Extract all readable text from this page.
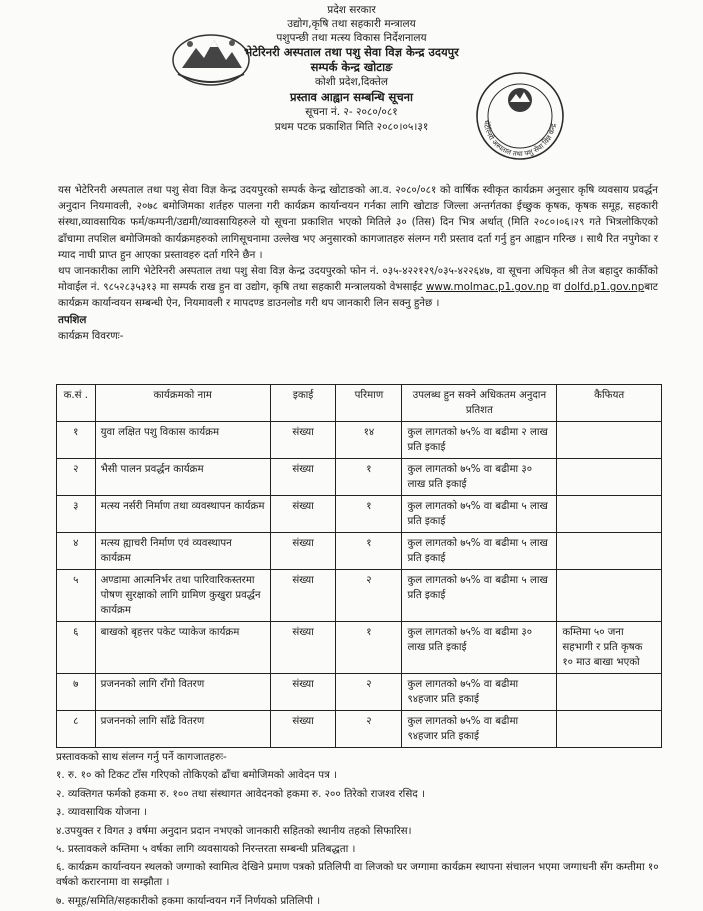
भेटेरिनरी अस्पताल तथा पशु सेवा विज्ञ केन्द्र
प्रदेश सरकार
उद्योग,कृषि तथा सहकारी मन्त्रालय
पशुपन्छी तथा मत्स्य विकास निर्देशनालय
भेटेरिनरी अस्पताल तथा पशु सेवा विज्ञ केन्द्र उदयपुर
सम्पर्क केन्द्र खोटाङ
कोशी प्रदेश,दिक्तेल
प्रस्ताव आह्वान सम्बन्धि सूचना
सूचना नं. २- २०८०/०८१
प्रथम पटक प्रकाशित मिति २०८०।०५।३१

यस भेटेरिनरी अस्पताल तथा पशु सेवा विज्ञ केन्द्र उदयपुरको सम्पर्क केन्द्र खोटाङको आ.व. २०८०/०८१ को वार्षिक स्वीकृत कार्यक्रम अनुसार कृषि व्यवसाय प्रवर्द्धन अनुदान नियमावली, २०७८ बमोजिमका शर्तहरु पालना गरी कार्यक्रम कार्यान्वयन गर्नका लागि खोटाङ जिल्ला अन्तर्गतका ईच्छुक कृषक, कृषक समूह, सहकारी संस्था,व्यावसायिक फर्म/कम्पनी/उद्यमी/व्यावसायिहरुले यो सूचना प्रकाशित भएको मितिले ३० (तिस) दिन भित्र अर्थात् (मिति २०८०।०६।२९ गते भित्रलोकिएको ढाँचामा तपशिल बमोजिमको कार्यक्रमहरुको लागिसूचनामा उल्लेख भए अनुसारको कागजातहरु संलग्न गरी प्रस्ताव दर्ता गर्नु हुन आह्वान गरिन्छ । साथै रित नपुगेका र म्याद नाघी प्राप्त हुन आएका प्रस्तावहरु दर्ता गरिने छैन ।

थप जानकारीका लागि भेटेरिनरी अस्पताल तथा पशु सेवा विज्ञ केन्द्र उदयपुरको फोन नं. ०३५-४२२१२९/०३५-४२२६४७, वा सूचना अधिकृत श्री तेज बहादुर कार्कीको मोवाईल नं. ९८५२८३५३१३ मा सम्पर्क राख हुन वा उद्योग, कृषि तथा सहकारी मन्त्रालयको वेभसाईट www.molmac.p1.gov.np वा dolfd.p1.gov.npबाट कार्यक्रम कार्यान्वयन सम्बन्धी ऐन, नियमावली र मापदण्ड डाउनलोड गरी थप जानकारी लिन सक्नु हुनेछ ।

तपशिल

कार्यक्रम विवरणः-

क.सं .	कार्यक्रमको नाम	इकाई	परिमाण	उपलब्ध हुन सक्ने अधिकतम अनुदान प्रतिशत	कैफियत
१	युवा लक्षित पशु विकास कार्यक्रम	संख्या	१४	कुल लागतको ७५% वा बढीमा २ लाख प्रति इकाई	
२	भैसी पालन प्रवर्द्धन कार्यक्रम	संख्या	१	कुल लागतको ७५% वा बढीमा ३० लाख प्रति इकाई	
३	मत्स्य नर्सरी निर्माण तथा व्यवस्थापन कार्यक्रम	संख्या	१	कुल लागतको ७५% वा बढीमा ५ लाख प्रति इकाई	
४	मत्स्य ह्याचरी निर्माण एवं व्यवस्थापन कार्यक्रम	संख्या	१	कुल लागतको ७५% वा बढीमा ५ लाख प्रति इकाई	
५	अण्डामा आत्मनिर्भर तथा पारिवारिकस्तरमा पोषण सुरक्षाको लागि ग्रामिण कुखुरा प्रवर्द्धन कार्यक्रम	संख्या	२	कुल लागतको ७५% वा बढीमा ५ लाख प्रति इकाई	
६	बाखको बृहत्तर पकेट प्याकेज कार्यक्रम	संख्या	१	कुल लागतको ७५% वा बढीमा ३० लाख प्रति इकाई	कम्तिमा ५० जना सहभागी र प्रति कृषक १० माउ बाखा भएको
७	प्रजननको लागि राँगो वितरण	संख्या	२	कुल लागतको ७५% वा बढीमा ९४हजार प्रति इकाई	
८	प्रजननको लागि साँढे वितरण	संख्या	२	कुल लागतको ७५% वा बढीमा ९४हजार प्रति इकाई	

प्रस्तावकको साथ संलग्न गर्नु पर्ने कागजातहरुः-

१. रु. १० को टिकट टाँस गरिएको तोकिएको ढाँचा बमोजिमको आवेदन पत्र ।

२. व्यक्तिगत फर्मको हकमा रु. १०० तथा संस्थागत आवेदनको हकमा रु. २०० तिरेको राजश्व रसिद ।

३. व्यावसायिक योजना ।

४.उपयुक्त र विगत ३ वर्षमा अनुदान प्रदान नभएको जानकारी सहितको स्थानीय तहको सिफारिस।

५. प्रस्तावकले कम्तिमा ५ वर्षका लागि व्यवसायको निरन्तरता सम्बन्धी प्रतिबद्धता ।

६. कार्यक्रम कार्यान्वयन स्थलको जग्गाको स्वामित्व देखिने प्रमाण पत्रको प्रतिलिपी वा लिजको घर जग्गामा कार्यक्रम स्थापना संचालन भएमा जग्गाधनी सँग कम्तीमा १० वर्षको करारनामा वा सम्झौता ।

७. समूह/समिति/सहकारीको हकमा कार्यान्वयन गर्ने निर्णयको प्रतिलिपी ।
